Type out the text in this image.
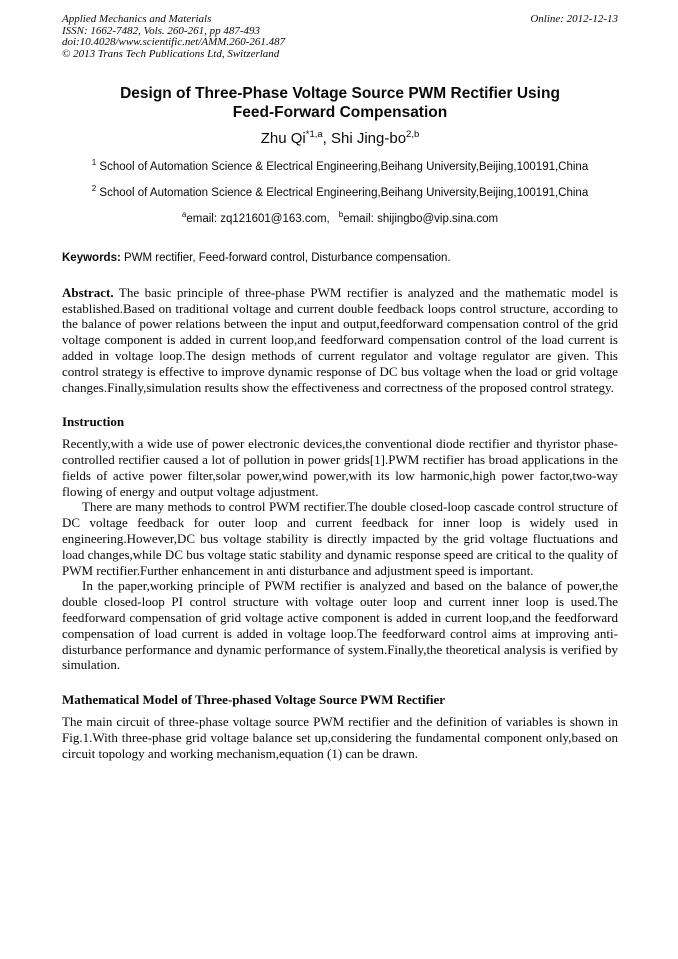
Applied Mechanics and Materials
ISSN: 1662-7482, Vols. 260-261, pp 487-493
doi:10.4028/www.scientific.net/AMM.260-261.487
© 2013 Trans Tech Publications Ltd, Switzerland
Online: 2012-12-13
Design of Three-Phase Voltage Source PWM Rectifier Using
Feed-Forward Compensation
Zhu Qi$^{*1,a}$, Shi Jing-bo$^{2,b}$
$^1$ School of Automation Science & Electrical Engineering,Beihang University,Beijing,100191,China
$^2$ School of Automation Science & Electrical Engineering,Beihang University,Beijing,100191,China
$^a$email: zq121601@163.com, $^b$email: shijingbo@vip.sina.com
Keywords: PWM rectifier, Feed-forward control, Disturbance compensation.

Abstract. The basic principle of three-phase PWM rectifier is analyzed and the mathematic model is established.Based on traditional voltage and current double feedback loops control structure, according to the balance of power relations between the input and output,feedforward compensation control of the grid voltage component is added in current loop,and feedforward compensation control of the load current is added in voltage loop.The design methods of current regulator and voltage regulator are given. This control strategy is effective to improve dynamic response of DC bus voltage when the load or grid voltage changes.Finally,simulation results show the effectiveness and correctness of the proposed control strategy.

Instruction

Recently,with a wide use of power electronic devices,the conventional diode rectifier and thyristor phase-controlled rectifier caused a lot of pollution in power grids[1].PWM rectifier has broad applications in the fields of active power filter,solar power,wind power,with its low harmonic,high power factor,two-way flowing of energy and output voltage adjustment.

There are many methods to control PWM rectifier.The double closed-loop cascade control structure of DC voltage feedback for outer loop and current feedback for inner loop is widely used in engineering.However,DC bus voltage stability is directly impacted by the grid voltage fluctuations and load changes,while DC bus voltage static stability and dynamic response speed are critical to the quality of PWM rectifier.Further enhancement in anti disturbance and adjustment speed is important.

In the paper,working principle of PWM rectifier is analyzed and based on the balance of power,the double closed-loop PI control structure with voltage outer loop and current inner loop is used.The feedforward compensation of grid voltage active component is added in current loop,and the feedforward compensation of load current is added in voltage loop.The feedforward control aims at improving anti-disturbance performance and dynamic performance of system.Finally,the theoretical analysis is verified by simulation.

Mathematical Model of Three-phased Voltage Source PWM Rectifier

The main circuit of three-phase voltage source PWM rectifier and the definition of variables is shown in Fig.1.With three-phase grid voltage balance set up,considering the fundamental component only,based on circuit topology and working mechanism,equation (1) can be drawn.
